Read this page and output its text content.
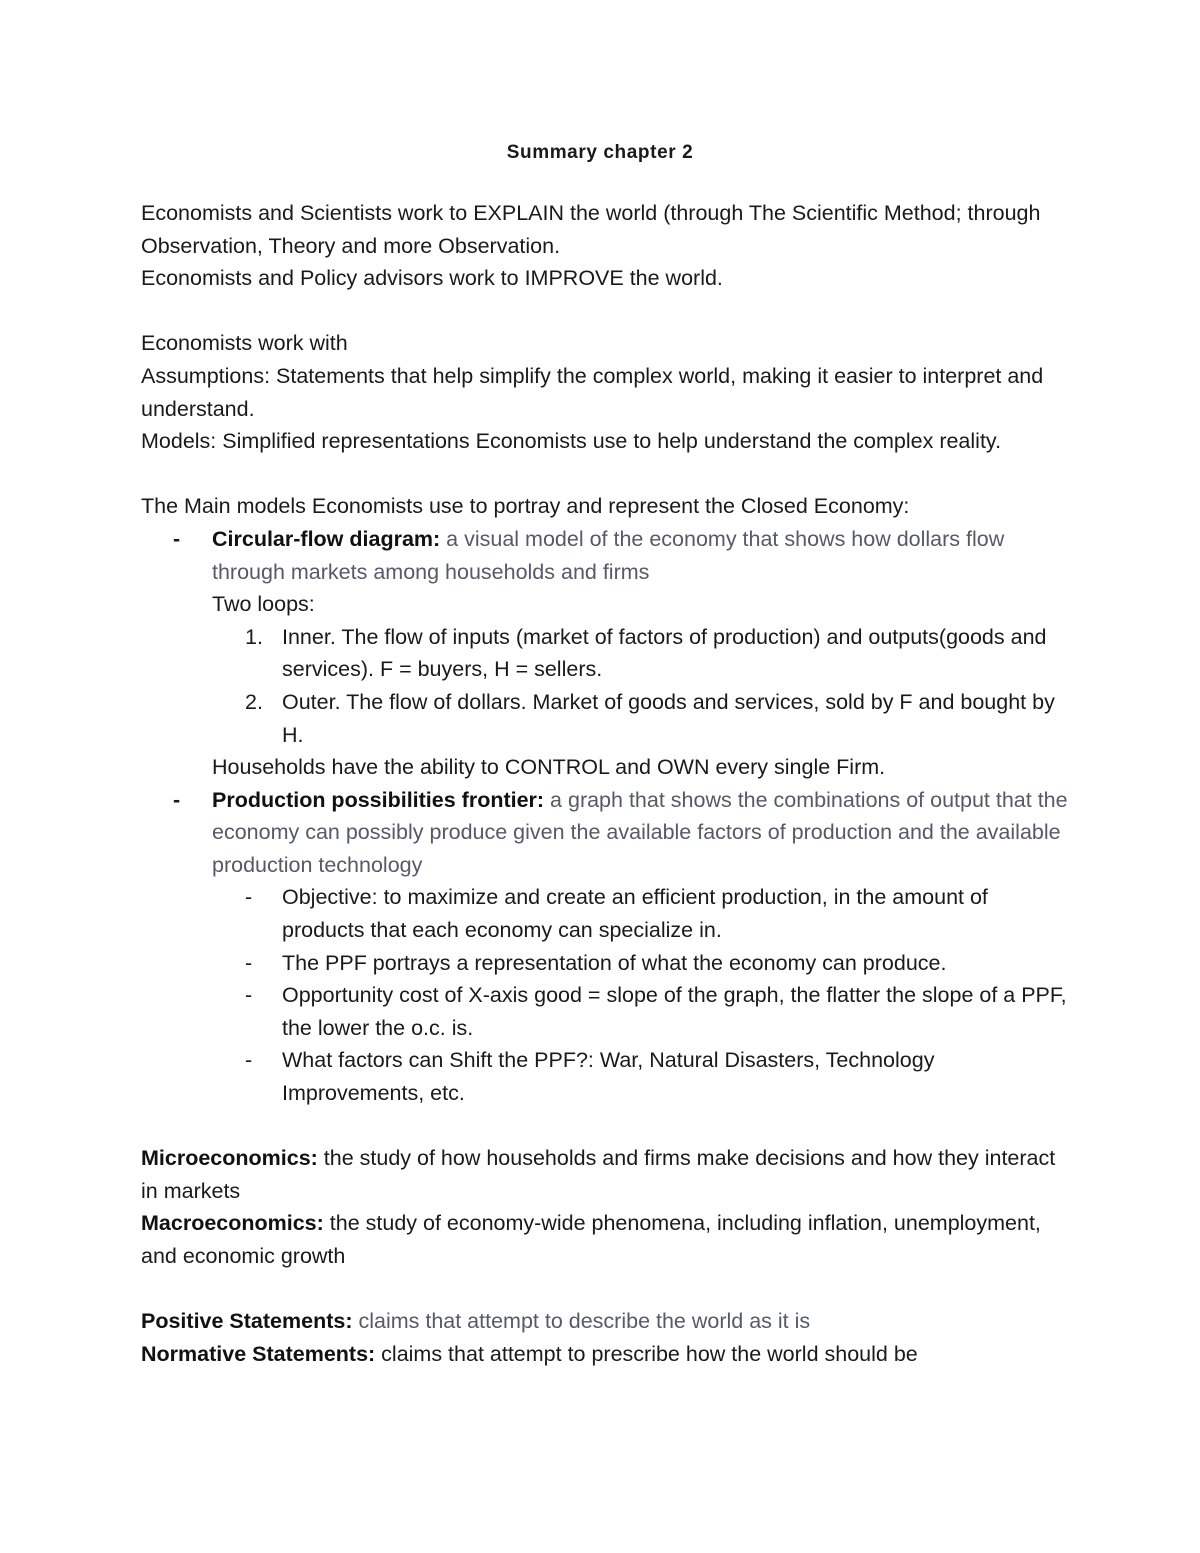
Summary chapter 2

Economists and Scientists work to EXPLAIN the world (through The Scientific Method; through Observation, Theory and more Observation.

Economists and Policy advisors work to IMPROVE the world.

Economists work with

Assumptions: Statements that help simplify the complex world, making it easier to interpret and understand.

Models: Simplified representations Economists use to help understand the complex reality.

The Main models Economists use to portray and represent the Closed Economy:

- Circular-flow diagram: a visual model of the economy that shows how dollars flow through markets among households and firms

Two loops:

1. Inner. The flow of inputs (market of factors of production) and outputs(goods and services). F = buyers, H = sellers.
2. Outer. The flow of dollars. Market of goods and services, sold by F and bought by H.

Households have the ability to CONTROL and OWN every single Firm.

- Production possibilities frontier: a graph that shows the combinations of output that the economy can possibly produce given the available factors of production and the available production technology
- Objective: to maximize and create an efficient production, in the amount of products that each economy can specialize in.
- The PPF portrays a representation of what the economy can produce.
- Opportunity cost of X-axis good = slope of the graph, the flatter the slope of a PPF, the lower the o.c. is.
- What factors can Shift the PPF?: War, Natural Disasters, Technology Improvements, etc.

Microeconomics: the study of how households and firms make decisions and how they interact in markets

Macroeconomics: the study of economy-wide phenomena, including inflation, unemployment, and economic growth

Positive Statements: claims that attempt to describe the world as it is

Normative Statements: claims that attempt to prescribe how the world should be
